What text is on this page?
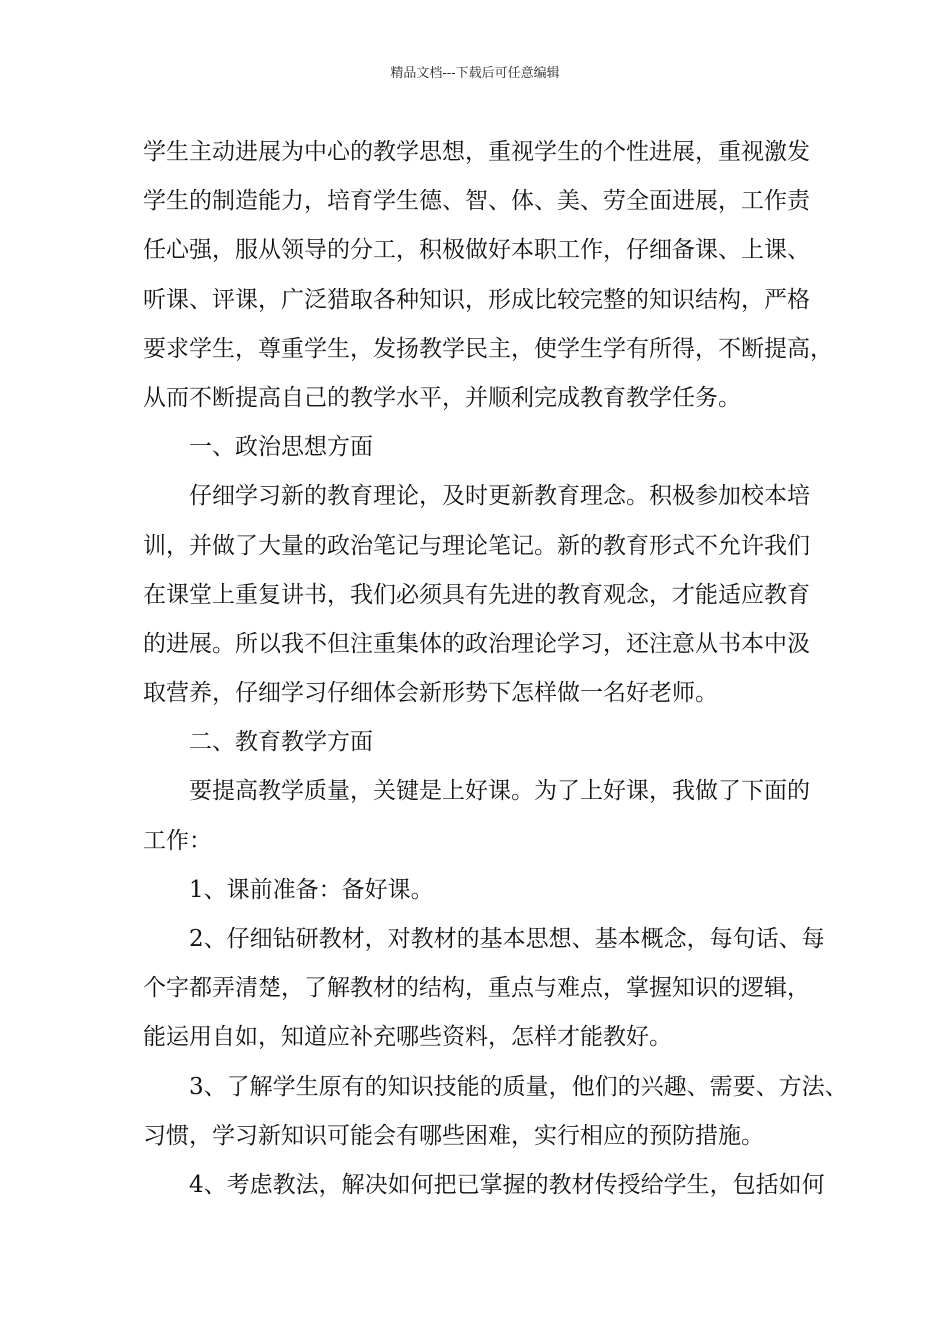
精品文档---下载后可任意编辑
学生主动进展为中心的教学思想，重视学生的个性进展，重视激发
学生的制造能力，培育学生德、智、体、美、劳全面进展，工作责
任心强，服从领导的分工，积极做好本职工作，仔细备课、上课、
听课、评课，广泛猎取各种知识，形成比较完整的知识结构，严格
要求学生，尊重学生，发扬教学民主，使学生学有所得，不断提高，
从而不断提高自己的教学水平，并顺利完成教育教学任务。
一、政治思想方面
仔细学习新的教育理论，及时更新教育理念。积极参加校本培
训，并做了大量的政治笔记与理论笔记。新的教育形式不允许我们
在课堂上重复讲书，我们必须具有先进的教育观念，才能适应教育
的进展。所以我不但注重集体的政治理论学习，还注意从书本中汲
取营养，仔细学习仔细体会新形势下怎样做一名好老师。
二、教育教学方面
要提高教学质量，关键是上好课。为了上好课，我做了下面的
工作：
1、课前准备：备好课。
2、仔细钻研教材，对教材的基本思想、基本概念，每句话、每
个字都弄清楚，了解教材的结构，重点与难点，掌握知识的逻辑，
能运用自如，知道应补充哪些资料，怎样才能教好。
3、了解学生原有的知识技能的质量，他们的兴趣、需要、方法、
习惯，学习新知识可能会有哪些困难，实行相应的预防措施。
4、考虑教法，解决如何把已掌握的教材传授给学生，包括如何
